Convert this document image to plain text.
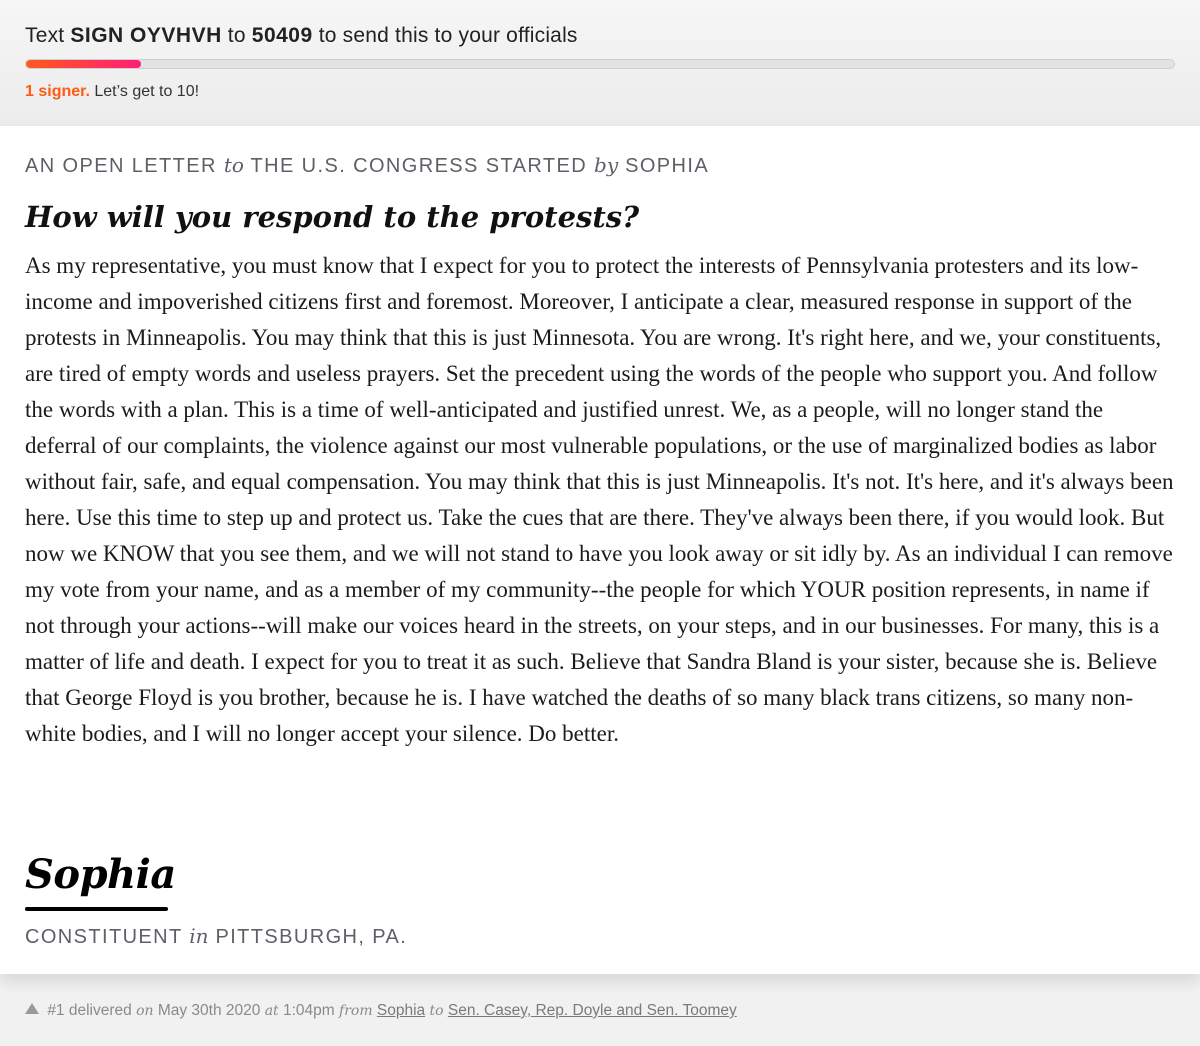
Text SIGN OYVHVH to 50409 to send this to your officials
1 signer. Let’s get to 10!
AN OPEN LETTER to THE U.S. CONGRESS STARTED by SOPHIA
How will you respond to the protests?

As my representative, you must know that I expect for you to protect the interests of Pennsylvania protesters and its low-income and impoverished citizens first and foremost. Moreover, I anticipate a clear, measured response in support of the protests in Minneapolis. You may think that this is just Minnesota. You are wrong. It's right here, and we, your constituents, are tired of empty words and useless prayers. Set the precedent using the words of the people who support you. And follow the words with a plan. This is a time of well-anticipated and justified unrest. We, as a people, will no longer stand the deferral of our complaints, the violence against our most vulnerable populations, or the use of marginalized bodies as labor without fair, safe, and equal compensation. You may think that this is just Minneapolis. It's not. It's here, and it's always been here. Use this time to step up and protect us. Take the cues that are there. They've always been there, if you would look. But now we KNOW that you see them, and we will not stand to have you look away or sit idly by. As an individual I can remove my vote from your name, and as a member of my community--the people for which YOUR position represents, in name if not through your actions--will make our voices heard in the streets, on your steps, and in our businesses. For many, this is a matter of life and death. I expect for you to treat it as such. Believe that Sandra Bland is your sister, because she is. Believe that George Floyd is you brother, because he is. I have watched the deaths of so many black trans citizens, so many non-white bodies, and I will no longer accept your silence. Do better.

Sophia
CONSTITUENT in PITTSBURGH, PA.
#1 delivered on May 30th 2020 at 1:04pm from Sophia to Sen. Casey, Rep. Doyle and Sen. Toomey
